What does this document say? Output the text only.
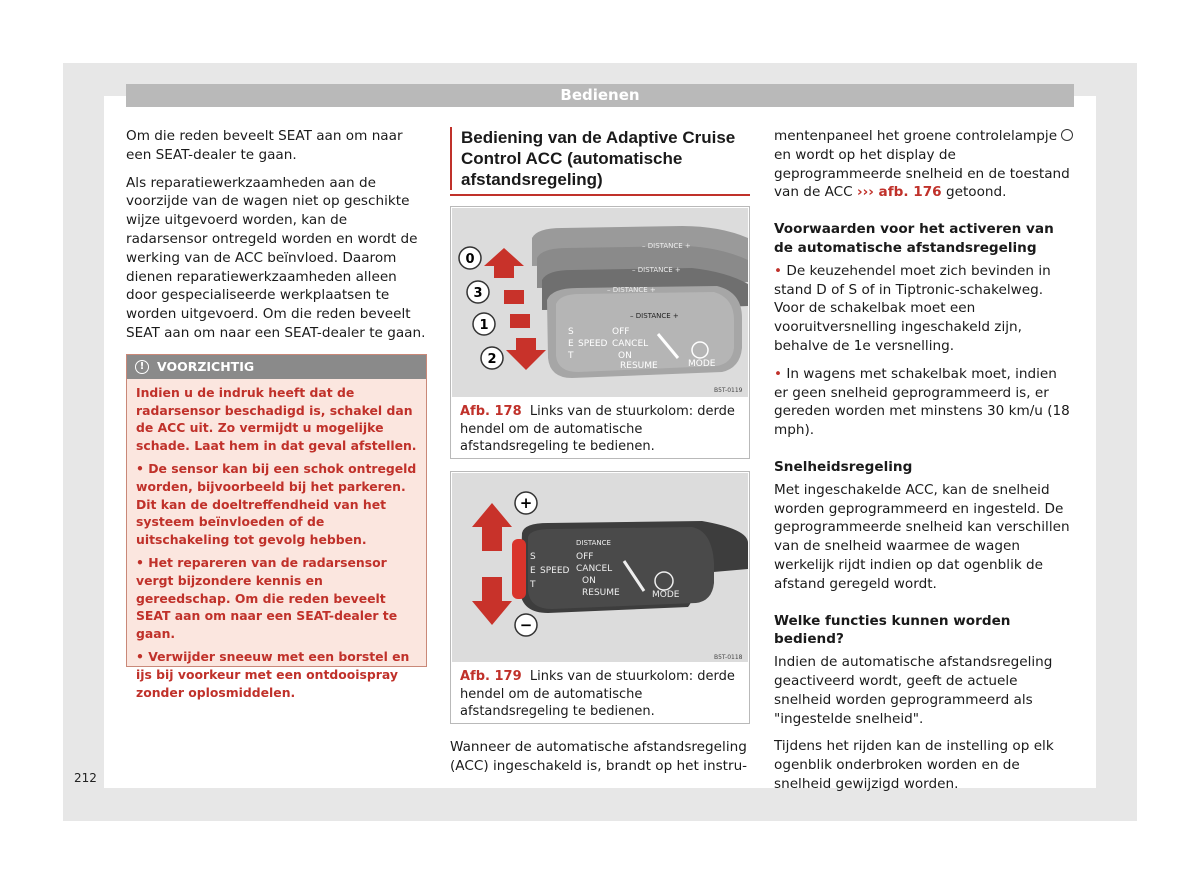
Bedienen

Om die reden beveelt SEAT aan om naar een SEAT-dealer te gaan.

Als reparatiewerkzaamheden aan de voorzijde van de wagen niet op geschikte wijze uitgevoerd worden, kan de radarsensor ontregeld worden en wordt de werking van de ACC beïnvloed. Daarom dienen reparatiewerkzaamheden alleen door gespecialiseerde werkplaatsen te worden uitgevoerd. Om die reden beveelt SEAT aan om naar een SEAT-dealer te gaan.

!	VOORZICHTIG

Indien u de indruk heeft dat de radarsensor beschadigd is, schakel dan de ACC uit. Zo vermijdt u mogelijke schade. Laat hem in dat geval afstellen.

• De sensor kan bij een schok ontregeld worden, bijvoorbeeld bij het parkeren. Dit kan de doeltreffendheid van het systeem beïnvloeden of de uitschakeling tot gevolg hebben.

• Het repareren van de radarsensor vergt bijzondere kennis en gereedschap. Om die reden beveelt SEAT aan om naar een SEAT-dealer te gaan.

• Verwijder sneeuw met een borstel en ijs bij voorkeur met een ontdooispray zonder oplosmiddelen.

Bediening van de Adaptive Cruise Control ACC (automatische afstandsregeling)
– DISTANCE +
– DISTANCE +
– DISTANCE +
– DISTANCE +
S
E
T
SPEED
OFF
CANCEL
ON
RESUME	MODE
0
3
1
2
B5T-0119
Afb. 178 Links van de stuurkolom: derde hendel om de automatische afstandsregeling te bedienen.
DISTANCE
S
E
T
SPEED
OFF
CANCEL
ON
RESUME	MODE
+
−
B5T-0118
Afb. 179 Links van de stuurkolom: derde hendel om de automatische afstandsregeling te bedienen.

Wanneer de automatische afstandsregeling (ACC) ingeschakeld is, brandt op het instru-

mentenpaneel het groene controlelampje  en wordt op het display de geprogrammeerde snelheid en de toestand van de ACC ››› afb. 176 getoond.

Voorwaarden voor het activeren van de automatische afstandsregeling

• De keuzehendel moet zich bevinden in stand D of S of in Tiptronic-schakelweg. Voor de schakelbak moet een vooruitversnelling ingeschakeld zijn, behalve de 1e versnelling.

• In wagens met schakelbak moet, indien er geen snelheid geprogrammeerd is, er gereden worden met minstens 30 km/u (18 mph).

Snelheidsregeling

Met ingeschakelde ACC, kan de snelheid worden geprogrammeerd en ingesteld. De geprogrammeerde snelheid kan verschillen van de snelheid waarmee de wagen werkelijk rijdt indien op dat ogenblik de afstand geregeld wordt.

Welke functies kunnen worden bediend?

Indien de automatische afstandsregeling geactiveerd wordt, geeft de actuele snelheid worden geprogrammeerd als "ingestelde snelheid".

Tijdens het rijden kan de instelling op elk ogenblik onderbroken worden en de snelheid gewijzigd worden.

212
